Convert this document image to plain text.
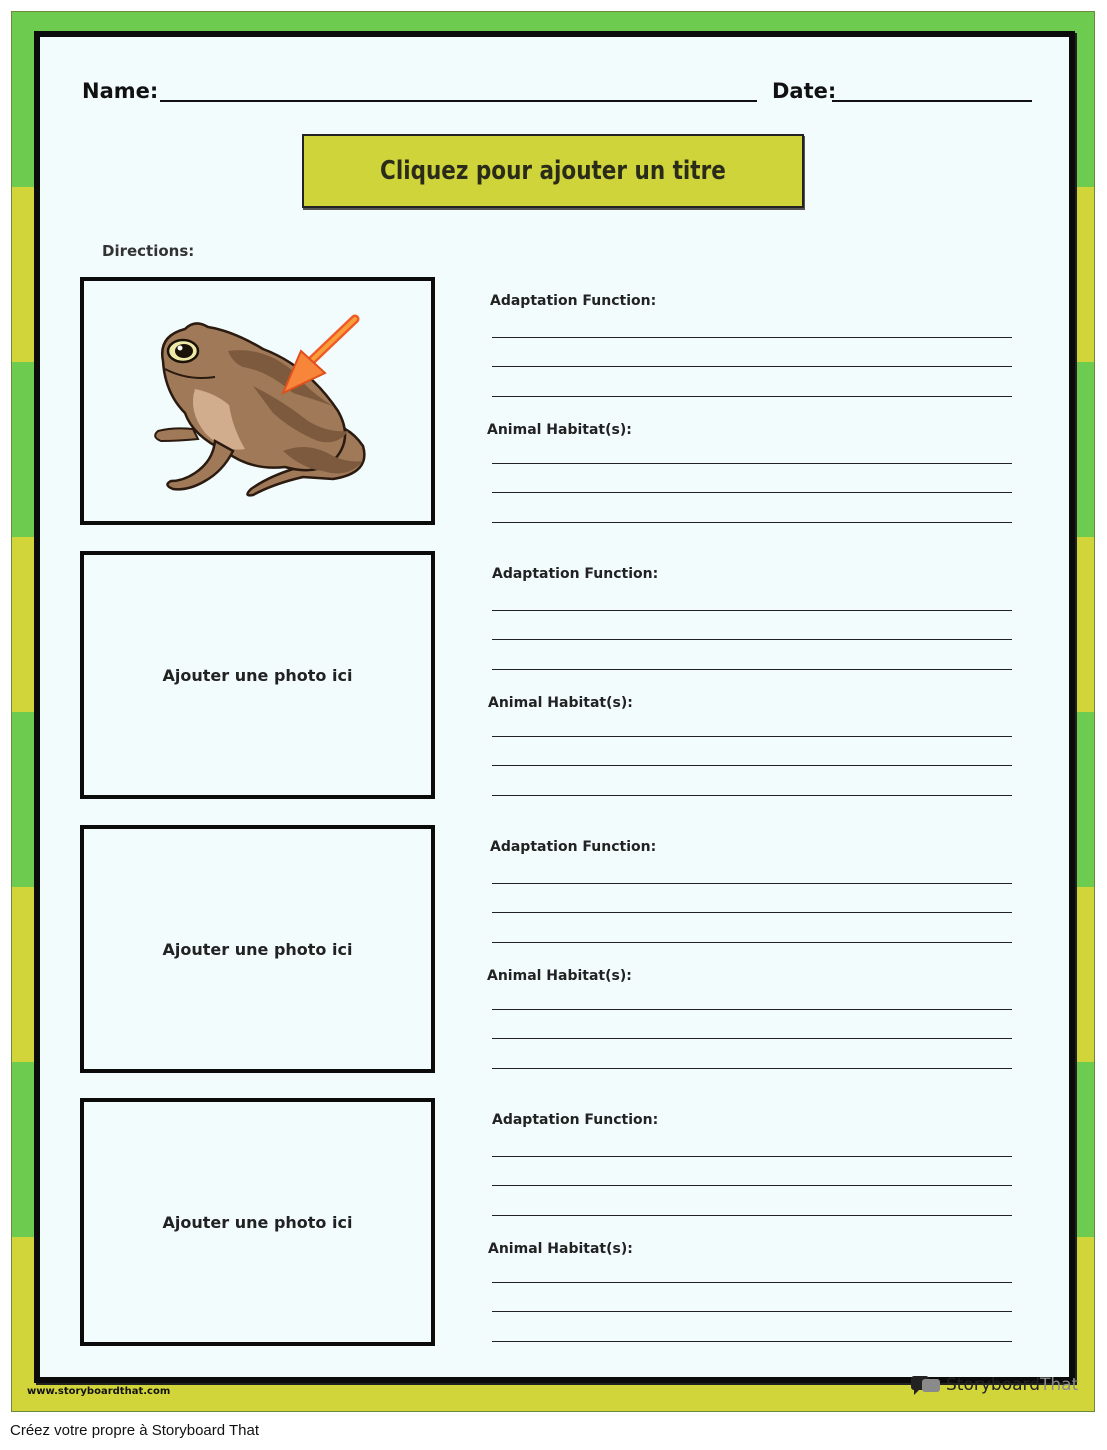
Name:	Date:
Cliquez pour ajouter un titre
Directions:
Adaptation Function:
Animal Habitat(s):
Ajouter une photo ici
Adaptation Function:
Animal Habitat(s):
Ajouter une photo ici
Adaptation Function:
Animal Habitat(s):
Ajouter une photo ici
Adaptation Function:
Animal Habitat(s):
www.storyboardthat.com	StoryboardThat
Créez votre propre à Storyboard That
